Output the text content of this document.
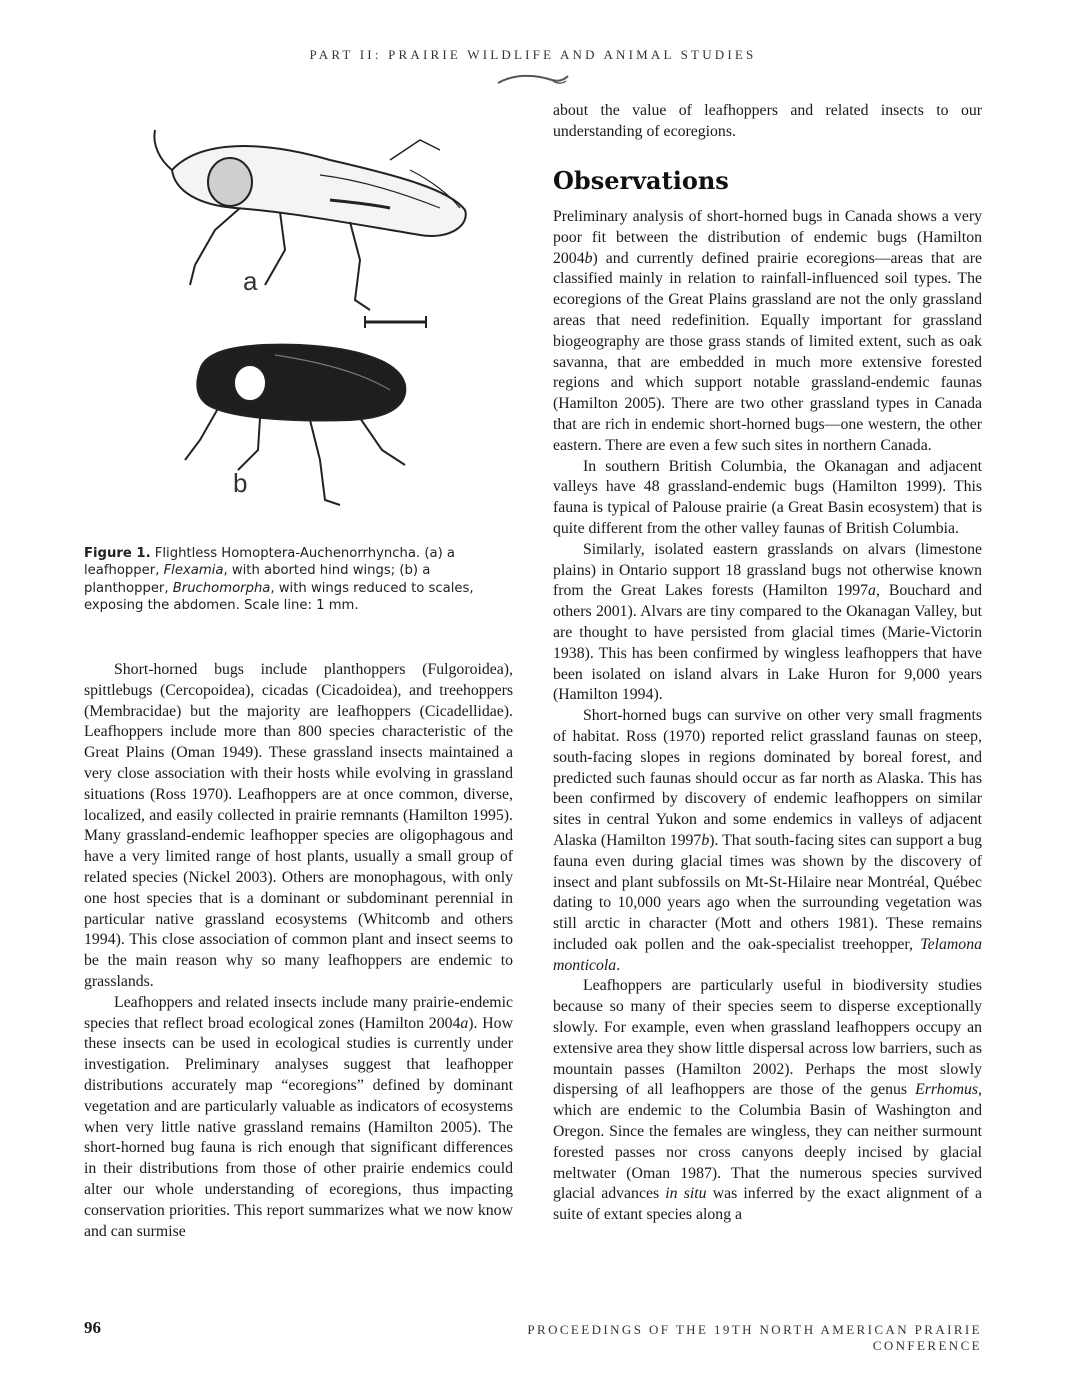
PART II: PRAIRIE WILDLIFE AND ANIMAL STUDIES
a
b
Figure 1. Flightless Homoptera-Auchenorrhyncha. (a) a leafhopper, Flexamia, with aborted hind wings; (b) a planthopper, Bruchomorpha, with wings reduced to scales, exposing the abdomen. Scale line: 1 mm.

Short-horned bugs include planthoppers (Fulgoroidea), spittlebugs (Cercopoidea), cicadas (Cicadoidea), and treehoppers (Membracidae) but the majority are leafhoppers (Cicadellidae). Leafhoppers include more than 800 species characteristic of the Great Plains (Oman 1949). These grassland insects maintained a very close association with their hosts while evolving in grassland situations (Ross 1970). Leafhoppers are at once common, diverse, localized, and easily collected in prairie remnants (Hamilton 1995). Many grassland-endemic leafhopper species are oligophagous and have a very limited range of host plants, usually a small group of related species (Nickel 2003). Others are monophagous, with only one host species that is a dominant or subdominant perennial in particular native grassland ecosystems (Whitcomb and others 1994). This close association of common plant and insect seems to be the main reason why so many leafhoppers are endemic to grasslands.

Leafhoppers and related insects include many prairie-endemic species that reflect broad ecological zones (Hamilton 2004a). How these insects can be used in ecological studies is currently under investigation. Preliminary analyses suggest that leafhopper distributions accurately map “ecoregions” defined by dominant vegetation and are particularly valuable as indicators of ecosystems when very little native grassland remains (Hamilton 2005). The short-horned bug fauna is rich enough that significant differences in their distributions from those of other prairie endemics could alter our whole understanding of ecoregions, thus impacting conservation priorities. This report summarizes what we now know and can surmise

about the value of leafhoppers and related insects to our understanding of ecoregions.

Observations

Preliminary analysis of short-horned bugs in Canada shows a very poor fit between the distribution of endemic bugs (Hamilton 2004b) and currently defined prairie ecoregions—areas that are classified mainly in relation to rainfall-influenced soil types. The ecoregions of the Great Plains grassland are not the only grassland areas that need redefinition. Equally important for grassland biogeography are those grass stands of limited extent, such as oak savanna, that are embedded in much more extensive forested regions and which support notable grassland-endemic faunas (Hamilton 2005). There are two other grassland types in Canada that are rich in endemic short-horned bugs—one western, the other eastern. There are even a few such sites in northern Canada.

In southern British Columbia, the Okanagan and adjacent valleys have 48 grassland-endemic bugs (Hamilton 1999). This fauna is typical of Palouse prairie (a Great Basin ecosystem) that is quite different from the other valley faunas of British Columbia.

Similarly, isolated eastern grasslands on alvars (limestone plains) in Ontario support 18 grassland bugs not otherwise known from the Great Lakes forests (Hamilton 1997a, Bouchard and others 2001). Alvars are tiny compared to the Okanagan Valley, but are thought to have persisted from glacial times (Marie-Victorin 1938). This has been confirmed by wingless leafhoppers that have been isolated on island alvars in Lake Huron for 9,000 years (Hamilton 1994).

Short-horned bugs can survive on other very small fragments of habitat. Ross (1970) reported relict grassland faunas on steep, south-facing slopes in regions dominated by boreal forest, and predicted such faunas should occur as far north as Alaska. This has been confirmed by discovery of endemic leafhoppers on similar sites in central Yukon and some endemics in valleys of adjacent Alaska (Hamilton 1997b). That south-facing sites can support a bug fauna even during glacial times was shown by the discovery of insect and plant subfossils on Mt-St-Hilaire near Montréal, Québec dating to 10,000 years ago when the surrounding vegetation was still arctic in character (Mott and others 1981). These remains included oak pollen and the oak-specialist treehopper, Telamona monticola.

Leafhoppers are particularly useful in biodiversity studies because so many of their species seem to disperse exceptionally slowly. For example, even when grassland leafhoppers occupy an extensive area they show little dispersal across low barriers, such as mountain passes (Hamilton 2002). Perhaps the most slowly dispersing of all leafhoppers are those of the genus Errhomus, which are endemic to the Columbia Basin of Washington and Oregon. Since the females are wingless, they can neither surmount forested passes nor cross canyons deeply incised by glacial meltwater (Oman 1987). That the numerous species survived glacial advances in situ was inferred by the exact alignment of a suite of extant species along a

96	PROCEEDINGS OF THE 19TH NORTH AMERICAN PRAIRIE CONFERENCE
